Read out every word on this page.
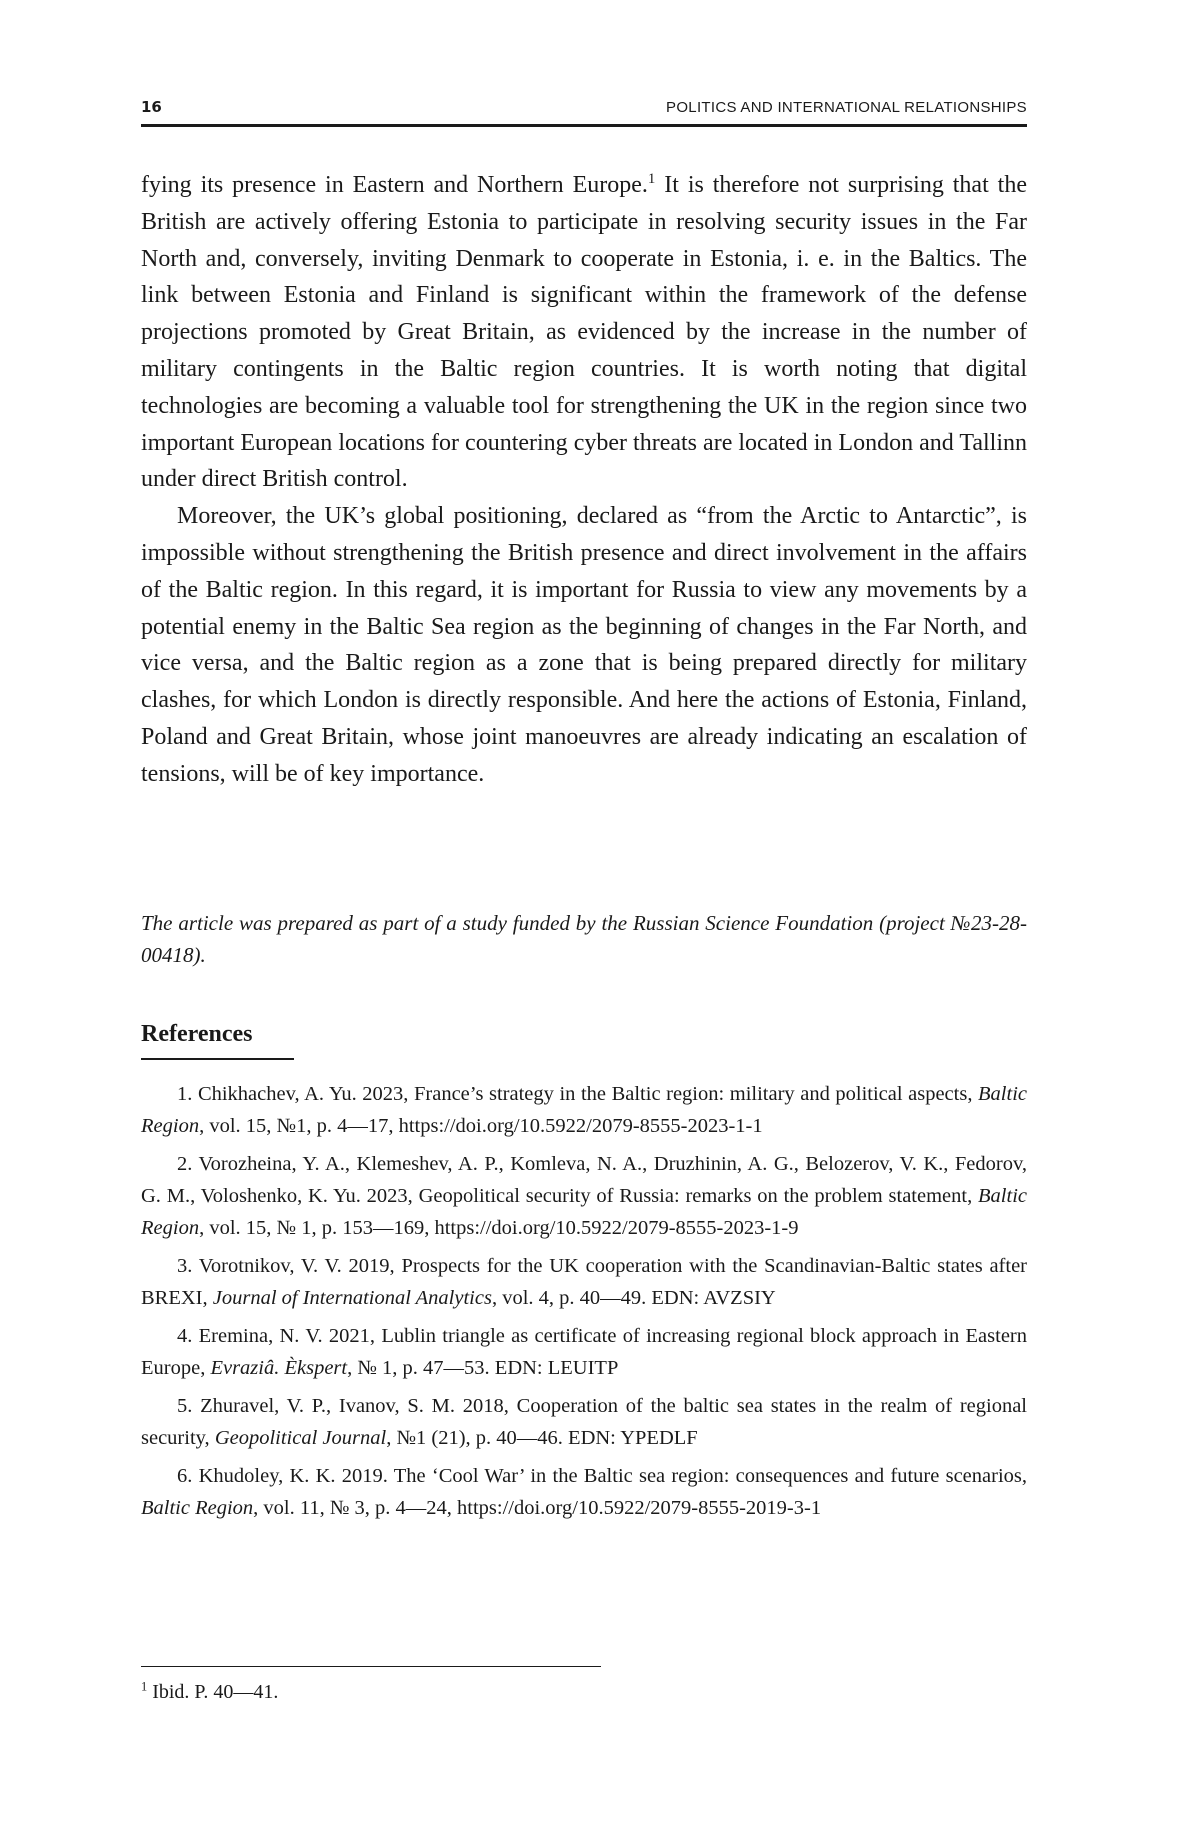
16	POLITICS AND INTERNATIONAL RELATIONSHIPS

fying its presence in Eastern and Northern Europe.$^1$ It is therefore not surprising that the British are actively offering Estonia to participate in resolving security issues in the Far North and, conversely, inviting Denmark to cooperate in Estonia, i. e. in the Baltics. The link between Estonia and Finland is significant within the framework of the defense projections promoted by Great Britain, as evidenced by the increase in the number of military contingents in the Baltic region countries. It is worth noting that digital technologies are becoming a valuable tool for strengthening the UK in the region since two important European locations for countering cyber threats are located in London and Tallinn under direct British control.

Moreover, the UK’s global positioning, declared as “from the Arctic to Antarctic”, is impossible without strengthening the British presence and direct involvement in the affairs of the Baltic region. In this regard, it is important for Russia to view any movements by a potential enemy in the Baltic Sea region as the beginning of changes in the Far North, and vice versa, and the Baltic region as a zone that is being prepared directly for military clashes, for which London is directly responsible. And here the actions of Estonia, Finland, Poland and Great Britain, whose joint manoeuvres are already indicating an escalation of tensions, will be of key importance.

The article was prepared as part of a study funded by the Russian Science Foundation (project №23-28-00418).
References

1. Chikhachev, A. Yu. 2023, France’s strategy in the Baltic region: military and political aspects, Baltic Region, vol. 15, №1, p. 4—17, https://doi.org/10.5922/2079-8555-2023-1-1

2. Vorozheina, Y. A., Klemeshev, A. P., Komleva, N. A., Druzhinin, A. G., Belozerov, V. K., Fedorov, G. M., Voloshenko, K. Yu. 2023, Geopolitical security of Russia: remarks on the problem statement, Baltic Region, vol. 15, № 1, p. 153—169, https://doi.org/10.5922/2079-8555-2023-1-9

3. Vorotnikov, V. V. 2019, Prospects for the UK cooperation with the Scandinavian-Baltic states after BREXI, Journal of International Analytics, vol. 4, p. 40—49. EDN: AVZSIY

4. Eremina, N. V. 2021, Lublin triangle as certificate of increasing regional block approach in Eastern Europe, Evraziâ. Èkspert, № 1, p. 47—53. EDN: LEUITP

5. Zhuravel, V. P., Ivanov, S. M. 2018, Cooperation of the baltic sea states in the realm of regional security, Geopolitical Journal, №1 (21), p. 40—46. EDN: YPEDLF

6. Khudoley, K. K. 2019. The ‘Cool War’ in the Baltic sea region: consequences and future scenarios, Baltic Region, vol. 11, № 3, p. 4—24, https://doi.org/10.5922/2079-8555-2019-3-1

$^1$ Ibid. P. 40—41.
